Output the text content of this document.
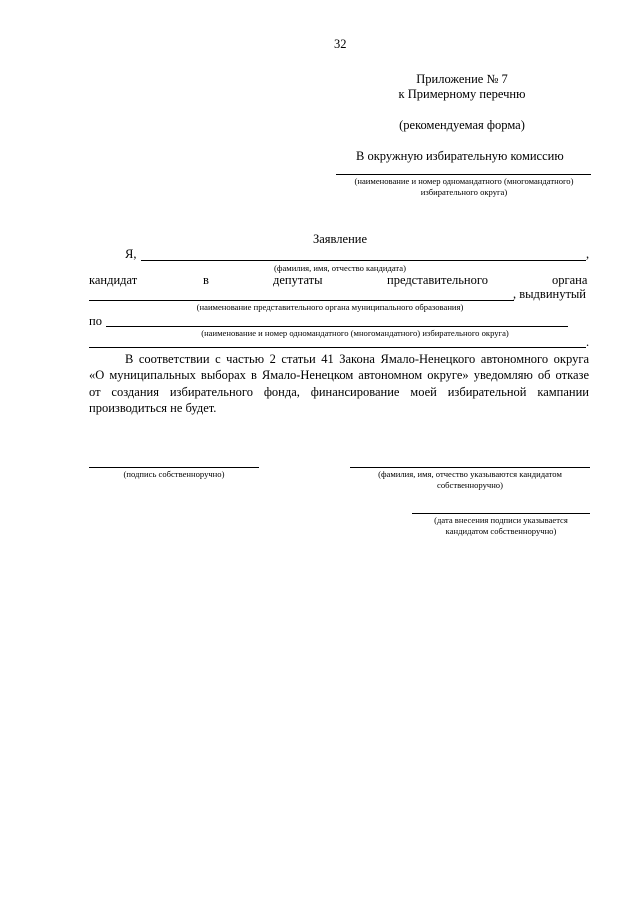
32
Приложение № 7
к Примерному перечню
(рекомендуемая форма)
В окружную избирательную комиссию
(наименование и номер одномандатного (многомандатного)
избирательного округа)
Заявление
Я,	,
(фамилия, имя, отчество кандидата)
кандидат	в	депутаты	представительного	органа
, выдвинутый
(наименование представительного органа муниципального образования)
по
(наименование и номер одномандатного (многомандатного) избирательного округа)
.
В соответствии с частью 2 статьи 41 Закона Ямало-Ненецкого автономного округа
«О муниципальных выборах в Ямало-Ненецком автономном округе» уведомляю об отказе
от создания избирательного фонда, финансирование моей избирательной кампании
производиться не будет.
(подпись собственноручно)	(фамилия, имя, отчество указываются кандидатом
собственноручно)
(дата внесения подписи указывается
кандидатом собственноручно)
